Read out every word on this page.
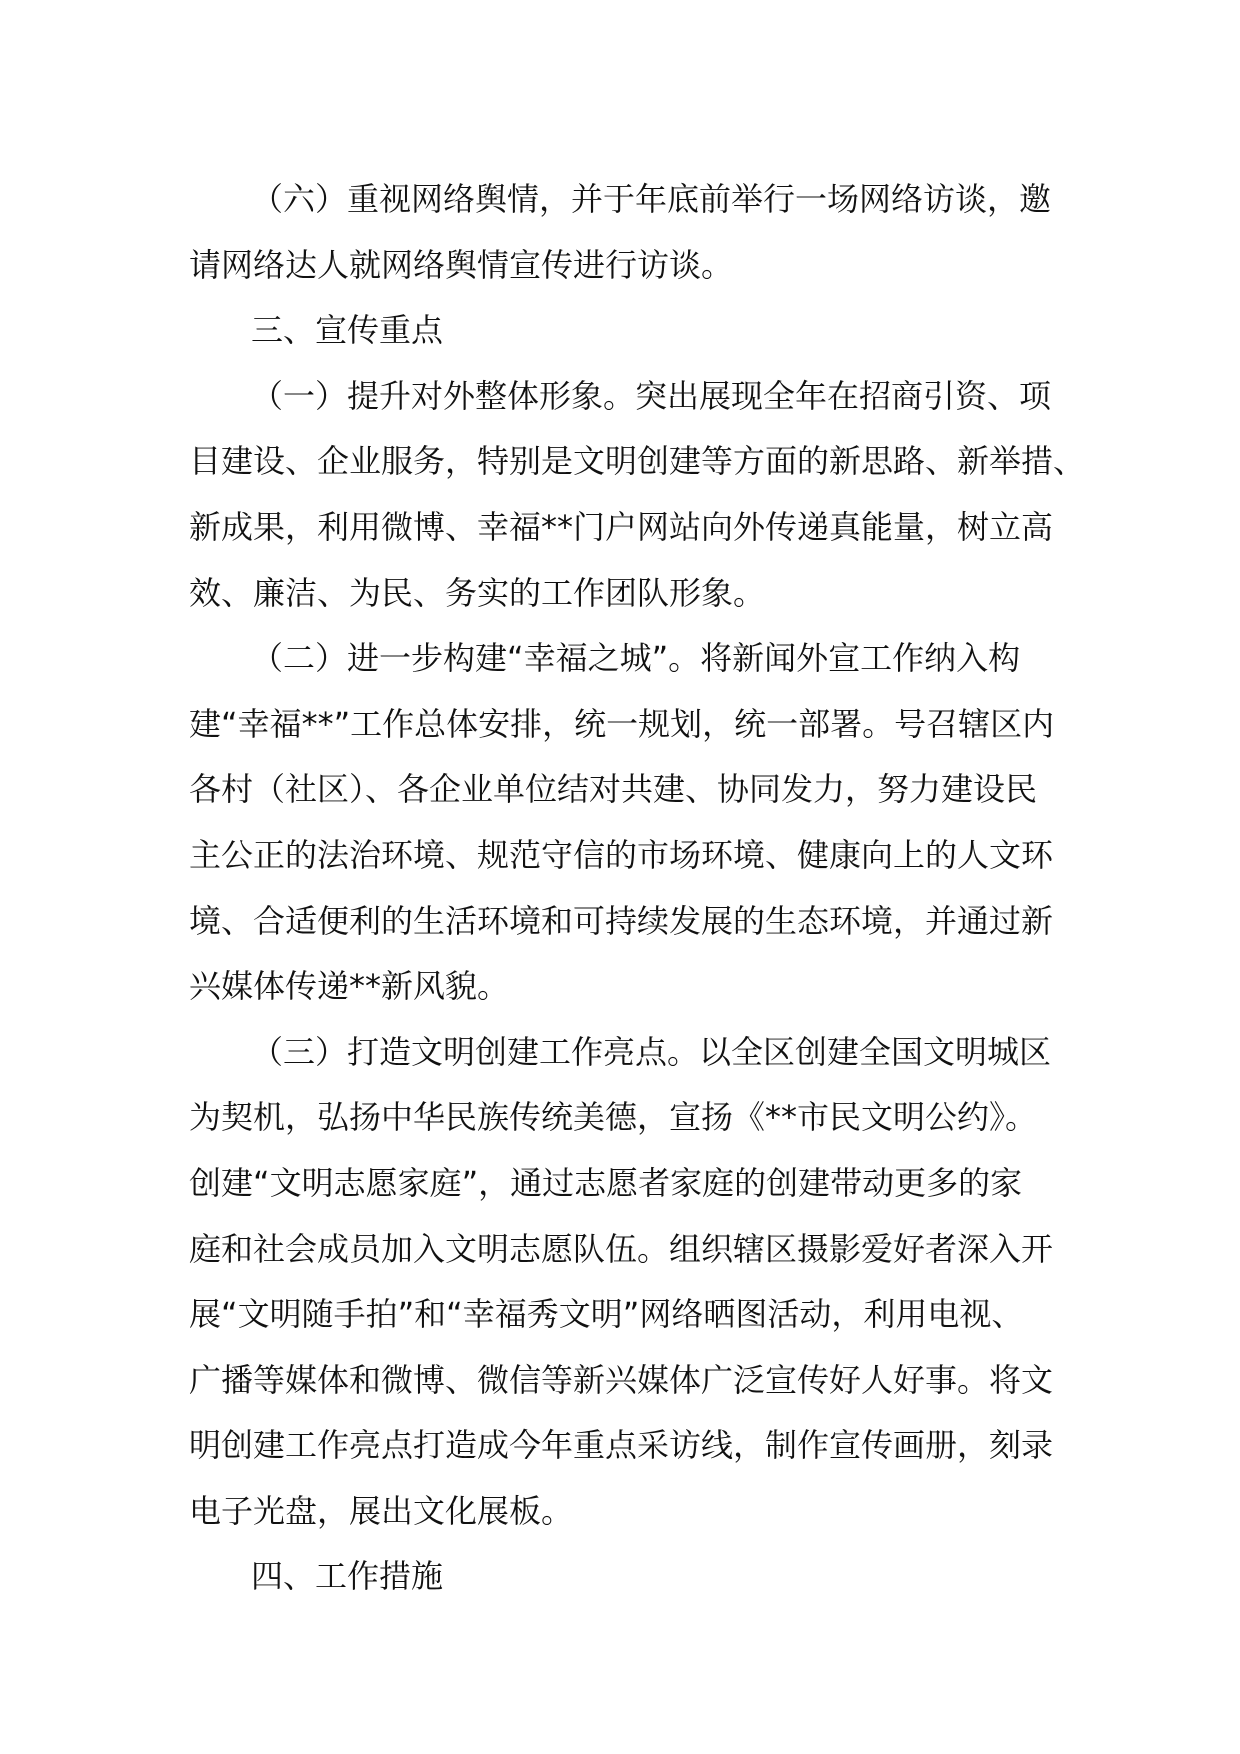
（六）重视网络舆情，并于年底前举行一场网络访谈，邀
请网络达人就网络舆情宣传进行访谈。
三、宣传重点
（一）提升对外整体形象。突出展现全年在招商引资、项
目建设、企业服务，特别是文明创建等方面的新思路、新举措、
新成果，利用微博、幸福**门户网站向外传递真能量，树立高
效、廉洁、为民、务实的工作团队形象。
（二）进一步构建“幸福之城”。将新闻外宣工作纳入构
建“幸福**”工作总体安排，统一规划，统一部署。号召辖区内
各村（社区）、各企业单位结对共建、协同发力，努力建设民
主公正的法治环境、规范守信的市场环境、健康向上的人文环
境、合适便利的生活环境和可持续发展的生态环境，并通过新
兴媒体传递**新风貌。
（三）打造文明创建工作亮点。以全区创建全国文明城区
为契机，弘扬中华民族传统美德，宣扬《**市民文明公约》。
创建“文明志愿家庭”，通过志愿者家庭的创建带动更多的家
庭和社会成员加入文明志愿队伍。组织辖区摄影爱好者深入开
展“文明随手拍”和“幸福秀文明”网络晒图活动，利用电视、
广播等媒体和微博、微信等新兴媒体广泛宣传好人好事。将文
明创建工作亮点打造成今年重点采访线，制作宣传画册，刻录
电子光盘，展出文化展板。
四、工作措施
